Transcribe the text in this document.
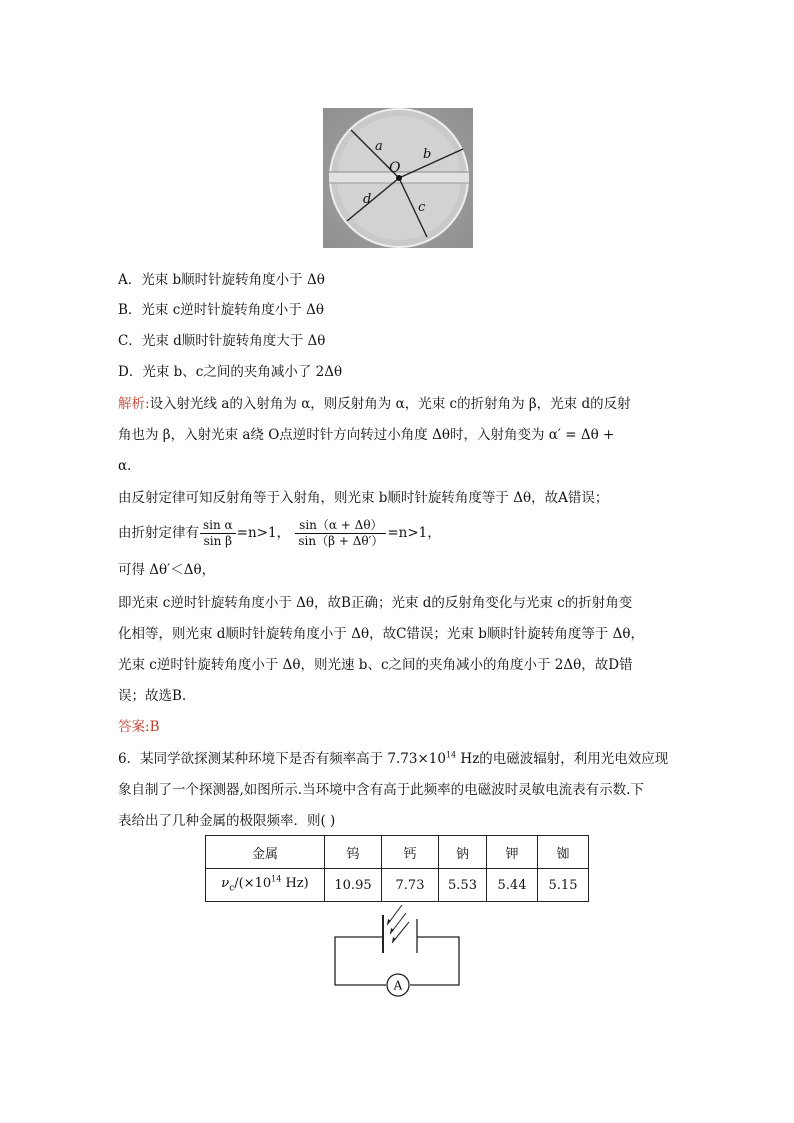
O
a
b
c
d
A．光束 b顺时针旋转角度小于 Δθ
B．光束 c逆时针旋转角度小于 Δθ
C．光束 d顺时针旋转角度大于 Δθ
D．光束 b、c之间的夹角减小了 2Δθ
解析:设入射光线 a的入射角为 α，则反射角为 α，光束 c的折射角为 β，光束 d的反射
角也为 β，入射光束 a绕 O点逆时针方向转过小角度 Δθ时，入射角变为 α′ = Δθ +
α．
由反射定律可知反射角等于入射角，则光束 b顺时针旋转角度等于 Δθ，故A错误；
由折射定律有 $\frac{\text{sin α}}{\text{sin β}} =n>1$， $\frac{\sin(\alpha + \Delta\theta)}{\sin(\beta + \Delta\theta')} =n>1$，
可得 Δθ′＜Δθ，
即光束 c逆时针旋转角度小于 Δθ，故B正确；光束 d的反射角变化与光束 c的折射角变
化相等，则光束 d顺时针旋转角度小于 Δθ，故C错误；光束 b顺时针旋转角度等于 Δθ，
光束 c逆时针旋转角度小于 Δθ，则光速 b、c之间的夹角减小的角度小于 2Δθ，故D错
误；故选B.
答案:B
6．某同学欲探测某种环境下是否有频率高于 $7.73\times 10^{14}$ Hz的电磁波辐射，利用光电效应现
象自制了一个探测器,如图所示.当环境中含有高于此频率的电磁波时灵敏电流表有示数.下
表给出了几种金属的极限频率．则( )
金属	钨	钙	钠	钾	铷
$\nu_c/(\times 10^{14}$ Hz)	10.95	7.73	5.53	5.44	5.15
A
